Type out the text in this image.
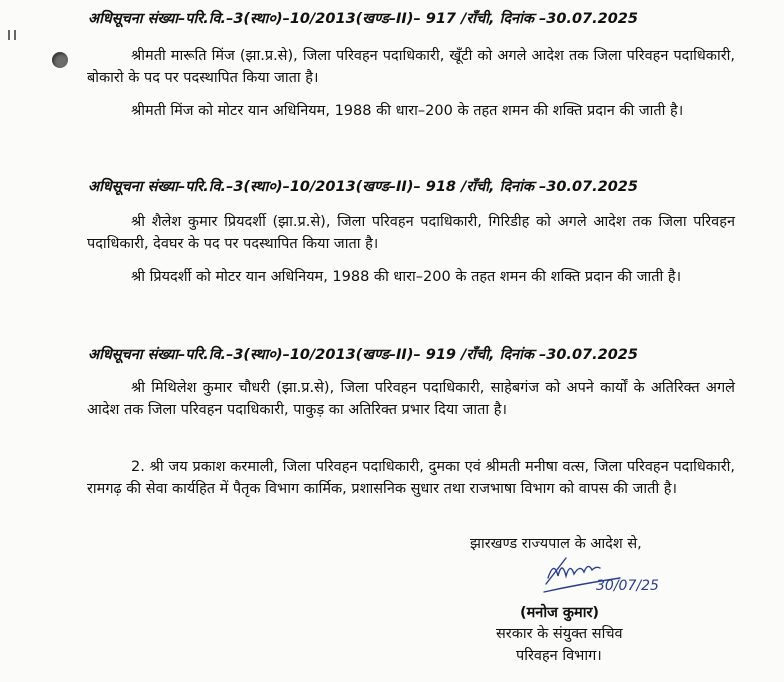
अधिसूचना संख्या–परि.वि.–3(स्था०)–10/2013(खण्ड–II)– 917 /राँची, दिनांक –30.07.2025

श्रीमती मारूति मिंज (झा.प्र.से), जिला परिवहन पदाधिकारी, खूँटी को अगले आदेश तक जिला परिवहन पदाधिकारी, बोकारो के पद पर पदस्थापित किया जाता है।

श्रीमती मिंज को मोटर यान अधिनियम, 1988 की धारा–200 के तहत शमन की शक्ति प्रदान की जाती है।

अधिसूचना संख्या–परि.वि.–3(स्था०)–10/2013(खण्ड–II)– 918 /राँची, दिनांक –30.07.2025

श्री शैलेश कुमार प्रियदर्शी (झा.प्र.से), जिला परिवहन पदाधिकारी, गिरिडीह को अगले आदेश तक जिला परिवहन पदाधिकारी, देवघर के पद पर पदस्थापित किया जाता है।

श्री प्रियदर्शी को मोटर यान अधिनियम, 1988 की धारा–200 के तहत शमन की शक्ति प्रदान की जाती है।

अधिसूचना संख्या–परि.वि.–3(स्था०)–10/2013(खण्ड–II)– 919 /राँची, दिनांक –30.07.2025

श्री मिथिलेश कुमार चौधरी (झा.प्र.से), जिला परिवहन पदाधिकारी, साहेबगंज को अपने कार्यों के अतिरिक्त अगले आदेश तक जिला परिवहन पदाधिकारी, पाकुड़ का अतिरिक्त प्रभार दिया जाता है।

2. श्री जय प्रकाश करमाली, जिला परिवहन पदाधिकारी, दुमका एवं श्रीमती मनीषा वत्स, जिला परिवहन पदाधिकारी, रामगढ़ की सेवा कार्यहित में पैतृक विभाग कार्मिक, प्रशासनिक सुधार तथा राजभाषा विभाग को वापस की जाती है।

झारखण्ड राज्यपाल के आदेश से,
30/07/25
(मनोज कुमार)
सरकार के संयुक्त सचिव
परिवहन विभाग।
